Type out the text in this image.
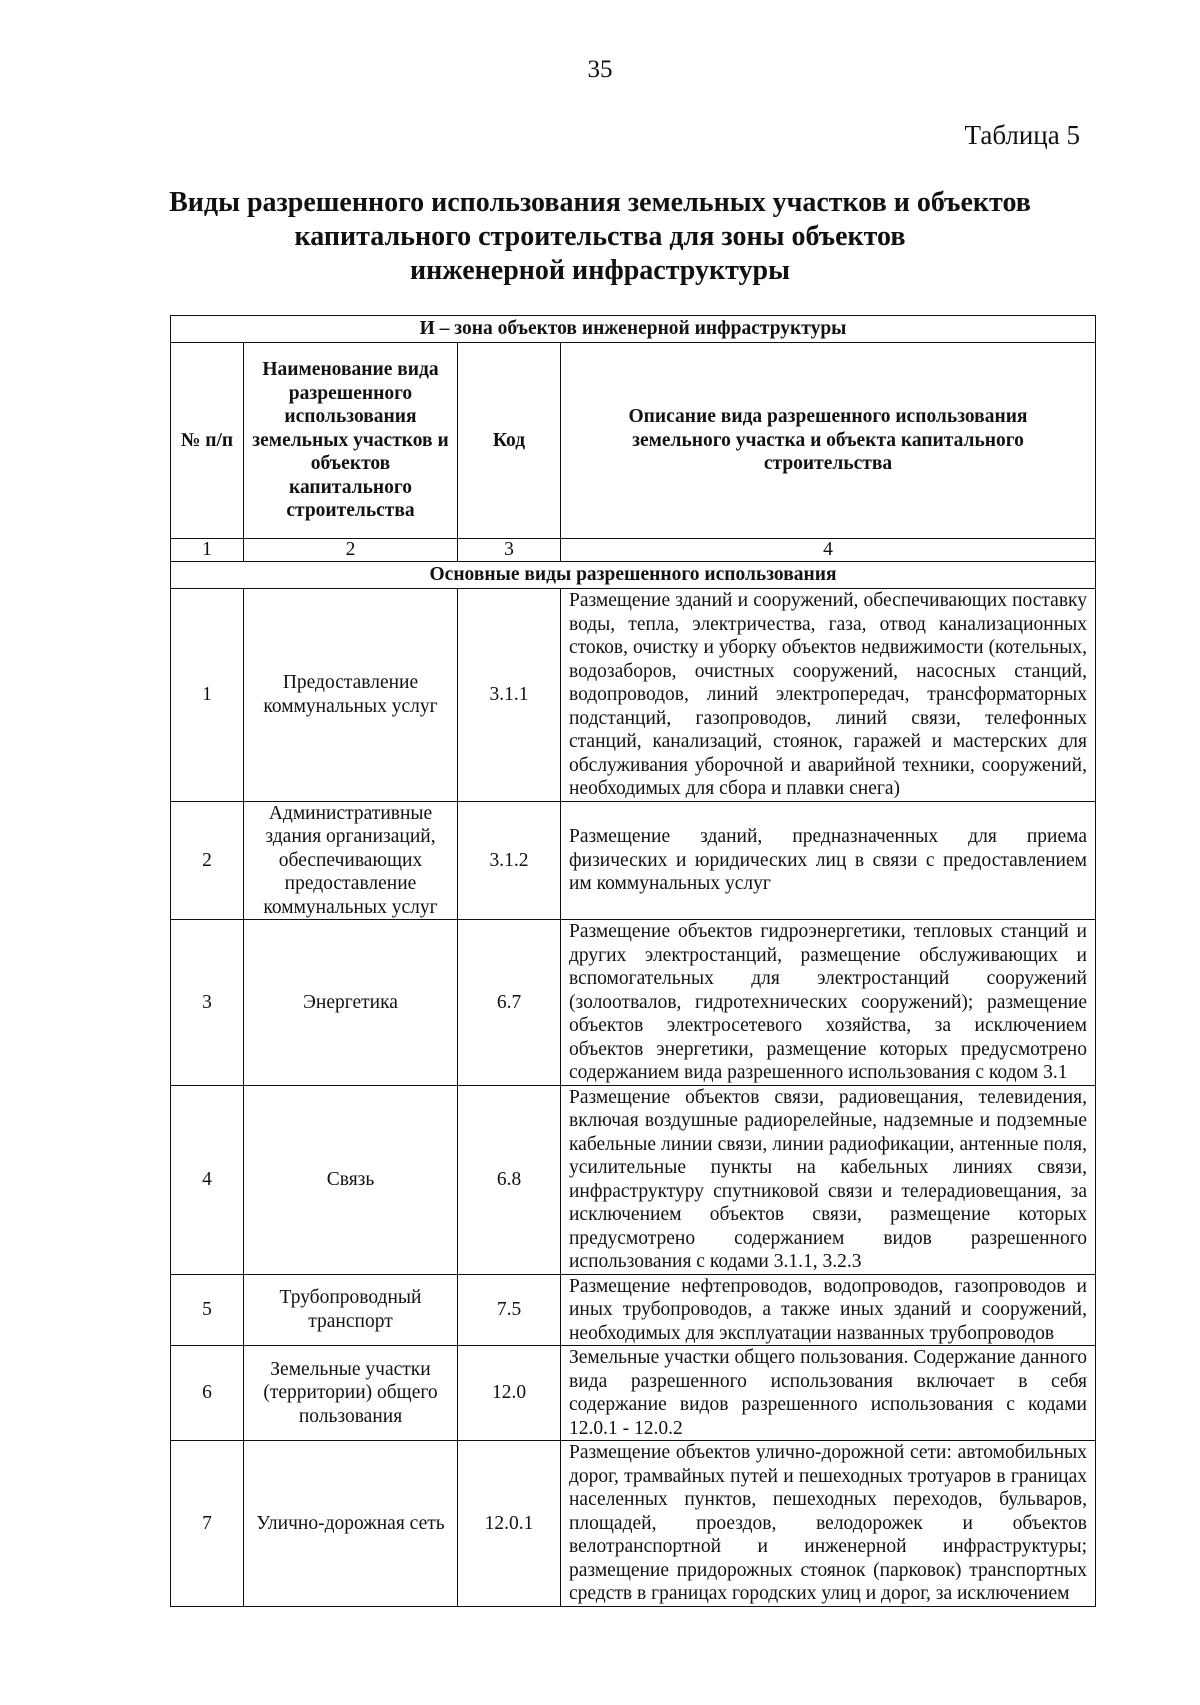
35
Таблица 5
Виды разрешенного использования земельных участков и объектов
капитального строительства для зоны объектов
инженерной инфраструктуры
И – зона объектов инженерной инфраструктуры			
№ п/п	Наименование вида разрешенного использования земельных участков и объектов капитального строительства	Код	Описание вида разрешенного использования земельного участка и объекта капитального строительства
1	2	3	4
Основные виды разрешенного использования			
1	Предоставление коммунальных услуг	3.1.1	Размещение зданий и сооружений, обеспечивающих поставку воды, тепла, электричества, газа, отвод канализационных стоков, очистку и уборку объектов недвижимости (котельных, водозаборов, очистных сооружений, насосных станций, водопроводов, линий электропередач, трансформаторных подстанций, газопроводов, линий связи, телефонных станций, канализаций, стоянок, гаражей и мастерских для обслуживания уборочной и аварийной техники, сооружений, необходимых для сбора и плавки снега)
2	Административные здания организаций, обеспечивающих предоставление коммунальных услуг	3.1.2	Размещение зданий, предназначенных для приема физических и юридических лиц в связи с предоставлением им коммунальных услуг
3	Энергетика	6.7	Размещение объектов гидроэнергетики, тепловых станций и других электростанций, размещение обслуживающих и вспомогательных для электростанций сооружений (золоотвалов, гидротехнических сооружений); размещение объектов электросетевого хозяйства, за исключением объектов энергетики, размещение которых предусмотрено содержанием вида разрешенного использования с кодом 3.1
4	Связь	6.8	Размещение объектов связи, радиовещания, телевидения, включая воздушные радиорелейные, надземные и подземные кабельные линии связи, линии радиофикации, антенные поля, усилительные пункты на кабельных линиях связи, инфраструктуру спутниковой связи и телерадиовещания, за исключением объектов связи, размещение которых предусмотрено содержанием видов разрешенного использования с кодами 3.1.1, 3.2.3
5	Трубопроводный транспорт	7.5	Размещение нефтепроводов, водопроводов, газопроводов и иных трубопроводов, а также иных зданий и сооружений, необходимых для эксплуатации названных трубопроводов
6	Земельные участки (территории) общего пользования	12.0	Земельные участки общего пользования. Содержание данного вида разрешенного использования включает в себя содержание видов разрешенного использования с кодами 12.0.1 - 12.0.2
7	Улично-дорожная сеть	12.0.1	Размещение объектов улично-дорожной сети: автомобильных дорог, трамвайных путей и пешеходных тротуаров в границах населенных пунктов, пешеходных переходов, бульваров, площадей, проездов, велодорожек и объектов велотранспортной и инженерной инфраструктуры; размещение придорожных стоянок (парковок) транспортных средств в границах городских улиц и дорог, за исключением
